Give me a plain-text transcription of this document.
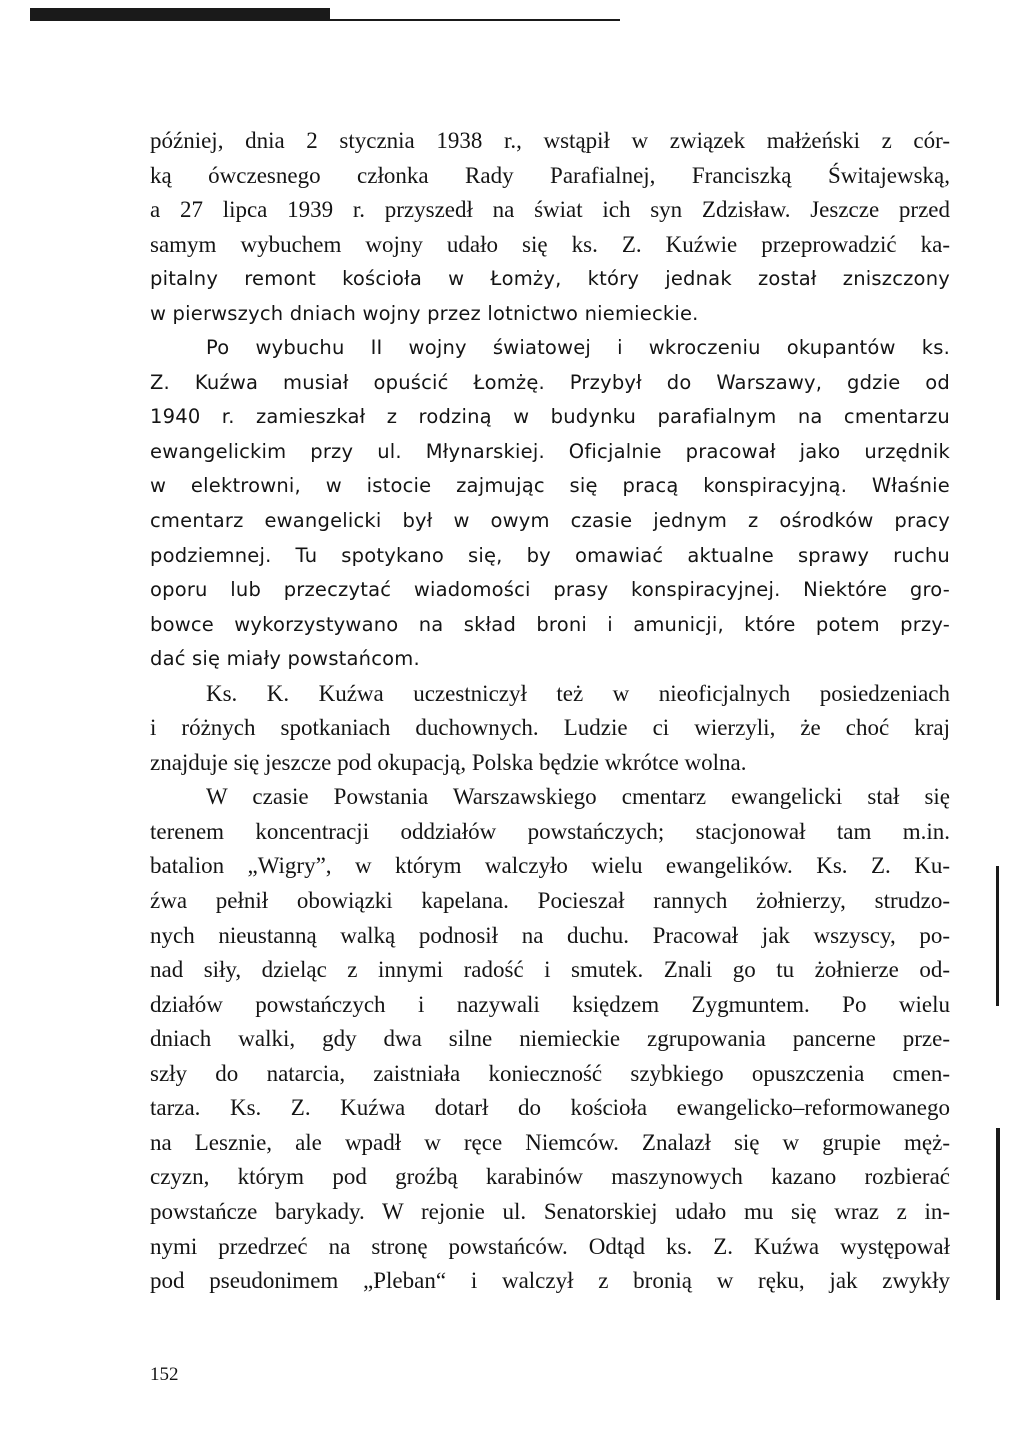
później, dnia 2 stycznia 1938 r., wstąpił w związek małżeński z cór-
ką ówczesnego członka Rady Parafialnej, Franciszką Świtajewską,
a 27 lipca 1939 r. przyszedł na świat ich syn Zdzisław. Jeszcze przed
samym wybuchem wojny udało się ks. Z. Kuźwie przeprowadzić ka-
pitalny remont kościoła w Łomży, który jednak został zniszczony
w pierwszych dniach wojny przez lotnictwo niemieckie.
Po wybuchu II wojny światowej i wkroczeniu okupantów ks.
Z. Kuźwa musiał opuścić Łomżę. Przybył do Warszawy, gdzie od
1940 r. zamieszkał z rodziną w budynku parafialnym na cmentarzu
ewangelickim przy ul. Młynarskiej. Oficjalnie pracował jako urzędnik
w elektrowni, w istocie zajmując się pracą konspiracyjną. Właśnie
cmentarz ewangelicki był w owym czasie jednym z ośrodków pracy
podziemnej. Tu spotykano się, by omawiać aktualne sprawy ruchu
oporu lub przeczytać wiadomości prasy konspiracyjnej. Niektóre gro-
bowce wykorzystywano na skład broni i amunicji, które potem przy-
dać się miały powstańcom.
Ks. K. Kuźwa uczestniczył też w nieoficjalnych posiedzeniach
i różnych spotkaniach duchownych. Ludzie ci wierzyli, że choć kraj
znajduje się jeszcze pod okupacją, Polska będzie wkrótce wolna.
W czasie Powstania Warszawskiego cmentarz ewangelicki stał się
terenem koncentracji oddziałów powstańczych; stacjonował tam m.in.
batalion „Wigry”, w którym walczyło wielu ewangelików. Ks. Z. Ku-
źwa pełnił obowiązki kapelana. Pocieszał rannych żołnierzy, strudzo-
nych nieustanną walką podnosił na duchu. Pracował jak wszyscy, po-
nad siły, dzieląc z innymi radość i smutek. Znali go tu żołnierze od-
działów powstańczych i nazywali księdzem Zygmuntem. Po wielu
dniach walki, gdy dwa silne niemieckie zgrupowania pancerne prze-
szły do natarcia, zaistniała konieczność szybkiego opuszczenia cmen-
tarza. Ks. Z. Kuźwa dotarł do kościoła ewangelicko–reformowanego
na Lesznie, ale wpadł w ręce Niemców. Znalazł się w grupie męż-
czyzn, którym pod groźbą karabinów maszynowych kazano rozbierać
powstańcze barykady. W rejonie ul. Senatorskiej udało mu się wraz z in-
nymi przedrzeć na stronę powstańców. Odtąd ks. Z. Kuźwa występował
pod pseudonimem „Pleban“ i walczył z bronią w ręku, jak zwykły
152
